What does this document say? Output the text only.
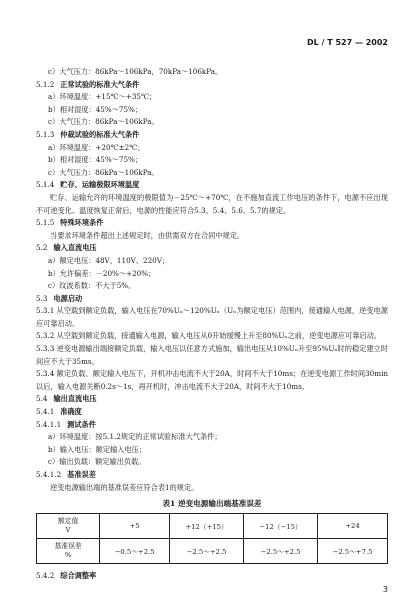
DL / T 527 — 2002
c）大气压力：86kPa～106kPa，70kPa～106kPa。
5.1.2 正常试验的标准大气条件
a）环境温度：+15℃～+35℃；
b）相对湿度：45%～75%；
c）大气压力：86kPa～106kPa。
5.1.3 仲裁试验的标准大气条件
a）环境温度：+20℃±2℃；
b）相对湿度：45%～75%；
c）大气压力：86kPa～106kPa。
5.1.4 贮存、运输极限环境温度
贮存、运输允许的环境温度的极限值为－25℃～+70℃，在不施加直流工作电压的条件下，电源不应出现不可逆变化。温度恢复正常后，电源的性能应符合5.3、5.4、5.6、5.7的规定。
5.1.5 特殊环境条件
当要求环境条件超出上述规定时，由供需双方在合同中规定。
5.2 输入直流电压
a）额定电压：48V、110V、220V；
b）允许偏差：－20%～+20%；
c）纹波系数：不大于5%。
5.3 电源启动
5.3.1 从空载到额定负载，输入电压在70%Uₙ～120%Uₙ（Uₙ为额定电压）范围内，接通输入电源，逆变电源应可靠启动。
5.3.2 从空载到额定负载，接通输入电源，输入电压从0开始缓慢上升至80%Uₙ之前，逆变电源应可靠启动。
5.3.3 逆变电源输出端接额定负载，输入电压以任意方式施加，输出电压从10%Uₙ升至95%Uₙ时的稳定建立时间应不大于35ms。
5.3.4 额定负载、额定输入电压下，开机冲击电流不大于20A，时间不大于10ms；在逆变电源工作时间30min以后，输入电源关断0.2s～1s，再开机时，冲击电流不大于20A，时间不大于10ms。
5.4 输出直流电压
5.4.1 准确度
5.4.1.1 测试条件
a）环境温度：按5.1.2规定的正常试验标准大气条件；
b）输入电压：额定输入电压；
c）输出负载：额定输出负载。
5.4.1.2 基准误差
逆变电源输出端的基准误差应符合表1的规定。
表1 逆变电源输出端基准误差
额定值
V	+5	+12（+15）	−12（−15）	+24

基准误差
%	−0.5～+2.5	−2.5～+2.5	−2.5～+2.5	−2.5～+7.5
5.4.2 综合调整率
3
